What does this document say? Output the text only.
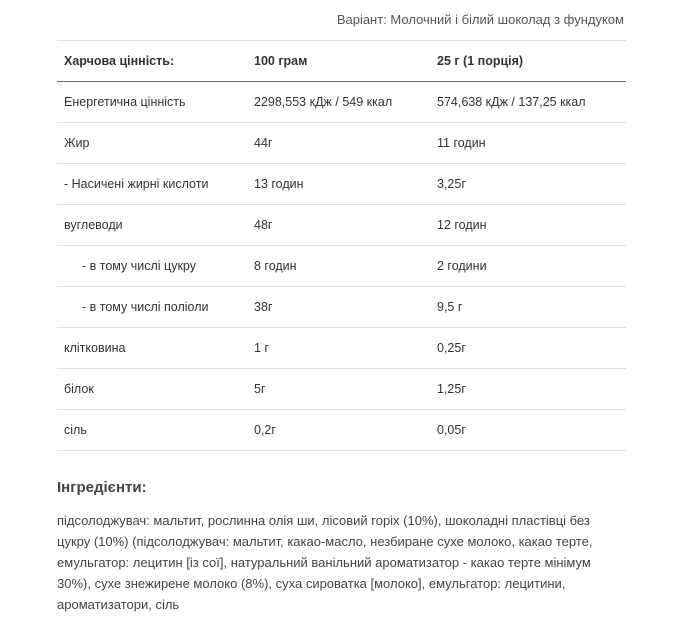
Варіант: Молочний і білий шоколад з фундуком
Харчова цінність:	100 грам	25 г (1 порція)
Енергетична цінність	2298,553 кДж / 549 ккал	574,638 кДж / 137,25 ккал
Жир	44г	11 годин
- Насичені жирні кислоти	13 годин	3,25г
вуглеводи	48г	12 годин
- в тому числі цукру	8 годин	2 години
- в тому числі поліоли	38г	9,5 г
клітковина	1 г	0,25г
білок	5г	1,25г
сіль	0,2г	0,05г
Інгредієнти:
підсолоджувач: мальтит, рослинна олія ши, лісовий горіх (10%), шоколадні пластівці без цукру (10%) (підсолоджувач: мальтит, какао-масло, незбиране сухе молоко, какао терте, емульгатор: лецитин [із сої], натуральний ванільний ароматизатор - какао терте мінімум 30%), сухе знежирене молоко (8%), суха сироватка [молоко], емульгатор: лецитини, ароматизатори, сіль
